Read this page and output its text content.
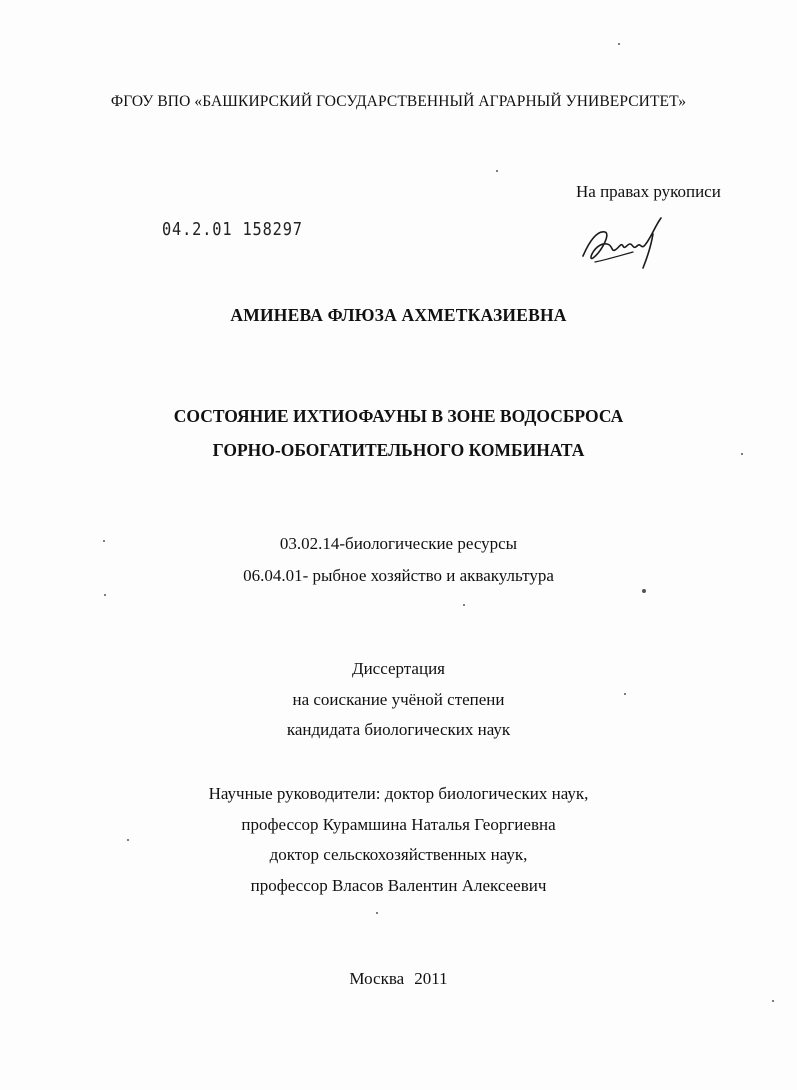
ФГОУ ВПО «БАШКИРСКИЙ ГОСУДАРСТВЕННЫЙ АГРАРНЫЙ УНИВЕРСИТЕТ»
На правах рукописи
04.2.01 158297
АМИНЕВА ФЛЮЗА АХМЕТКАЗИЕВНА
СОСТОЯНИЕ ИХТИОФАУНЫ В ЗОНЕ ВОДОСБРОСА
ГОРНО-ОБОГАТИТЕЛЬНОГО КОМБИНАТА
03.02.14-биологические ресурсы
06.04.01- рыбное хозяйство и аквакультура
Диссертация
на соискание учёной степени
кандидата биологических наук
Научные руководители: доктор биологических наук,
профессор Курамшина Наталья Георгиевна
доктор сельскохозяйственных наук,
профессор Власов Валентин Алексеевич
Москва 2011
